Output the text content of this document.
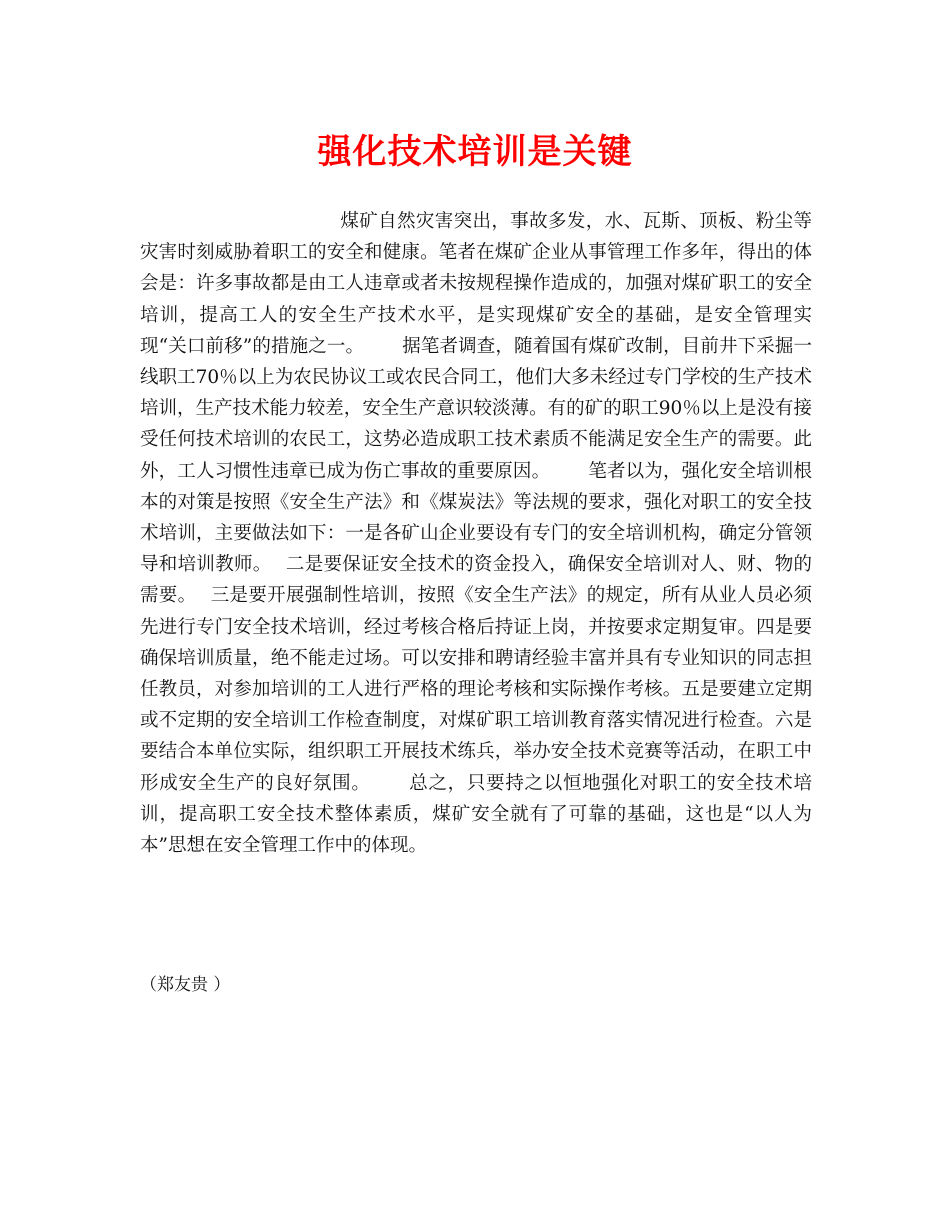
强化技术培训是关键

煤矿自然灾害突出，事故多发，水、瓦斯、顶板、粉尘等灾害时刻威胁着职工的安全和健康。笔者在煤矿企业从事管理工作多年，得出的体会是：许多事故都是由工人违章或者未按规程操作造成的，加强对煤矿职工的安全培训，提高工人的安全生产技术水平，是实现煤矿安全的基础，是安全管理实现“关口前移”的措施之一。 据笔者调查，随着国有煤矿改制，目前井下采掘一线职工70％以上为农民协议工或农民合同工，他们大多未经过专门学校的生产技术培训，生产技术能力较差，安全生产意识较淡薄。有的矿的职工90％以上是没有接受任何技术培训的农民工，这势必造成职工技术素质不能满足安全生产的需要。此外，工人习惯性违章已成为伤亡事故的重要原因。 笔者以为，强化安全培训根本的对策是按照《安全生产法》和《煤炭法》等法规的要求，强化对职工的安全技术培训，主要做法如下：一是各矿山企业要设有专门的安全培训机构，确定分管领导和培训教师。 二是要保证安全技术的资金投入，确保安全培训对人、财、物的需要。 三是要开展强制性培训，按照《安全生产法》的规定，所有从业人员必须先进行专门安全技术培训，经过考核合格后持证上岗，并按要求定期复审。四是要确保培训质量，绝不能走过场。可以安排和聘请经验丰富并具有专业知识的同志担任教员，对参加培训的工人进行严格的理论考核和实际操作考核。五是要建立定期或不定期的安全培训工作检查制度，对煤矿职工培训教育落实情况进行检查。六是要结合本单位实际，组织职工开展技术练兵，举办安全技术竞赛等活动，在职工中形成安全生产的良好氛围。 总之，只要持之以恒地强化对职工的安全技术培训，提高职工安全技术整体素质，煤矿安全就有了可靠的基础，这也是“以人为本”思想在安全管理工作中的体现。

（郑友贵 ）
